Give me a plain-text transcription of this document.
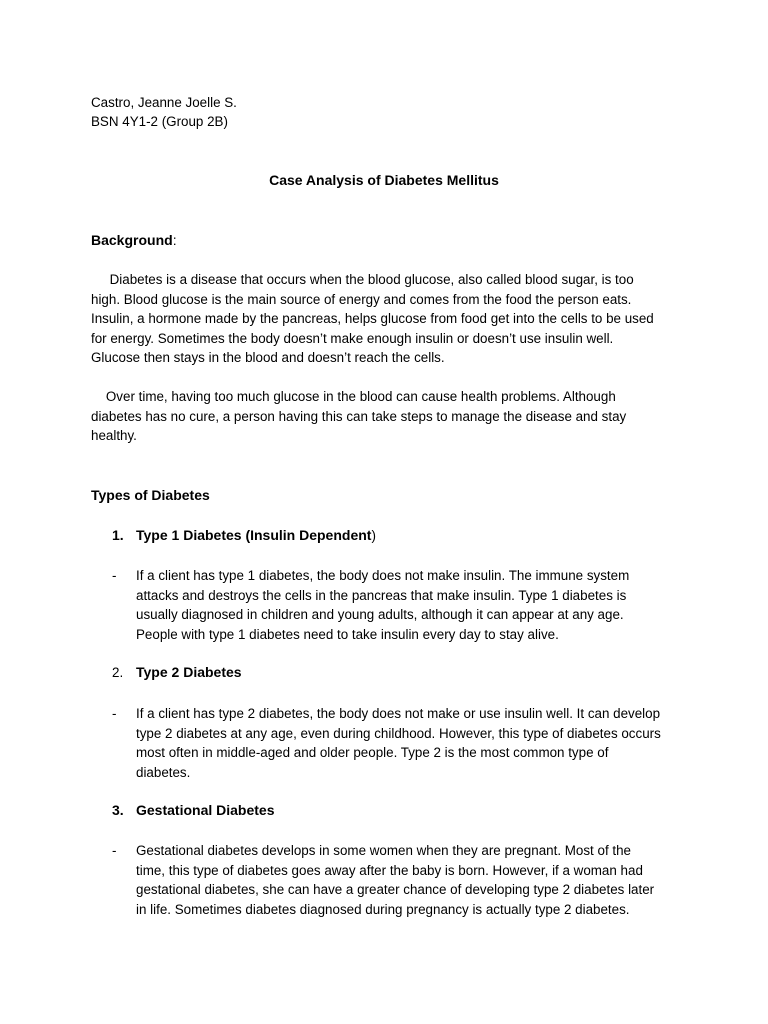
Castro, Jeanne Joelle S.
BSN 4Y1-2 (Group 2B)
Case Analysis of Diabetes Mellitus
Background:
Diabetes is a disease that occurs when the blood glucose, also called blood sugar, is too
high. Blood glucose is the main source of energy and comes from the food the person eats.
Insulin, a hormone made by the pancreas, helps glucose from food get into the cells to be used
for energy. Sometimes the body doesn’t make enough insulin or doesn’t use insulin well.
Glucose then stays in the blood and doesn’t reach the cells.
Over time, having too much glucose in the blood can cause health problems. Although
diabetes has no cure, a person having this can take steps to manage the disease and stay
healthy.
Types of Diabetes
1. Type 1 Diabetes (Insulin Dependent)
- If a client has type 1 diabetes, the body does not make insulin. The immune system
attacks and destroys the cells in the pancreas that make insulin. Type 1 diabetes is
usually diagnosed in children and young adults, although it can appear at any age.
People with type 1 diabetes need to take insulin every day to stay alive.
2. Type 2 Diabetes
- If a client has type 2 diabetes, the body does not make or use insulin well. It can develop
type 2 diabetes at any age, even during childhood. However, this type of diabetes occurs
most often in middle-aged and older people. Type 2 is the most common type of
diabetes.
3. Gestational Diabetes
- Gestational diabetes develops in some women when they are pregnant. Most of the
time, this type of diabetes goes away after the baby is born. However, if a woman had
gestational diabetes, she can have a greater chance of developing type 2 diabetes later
in life. Sometimes diabetes diagnosed during pregnancy is actually type 2 diabetes.
